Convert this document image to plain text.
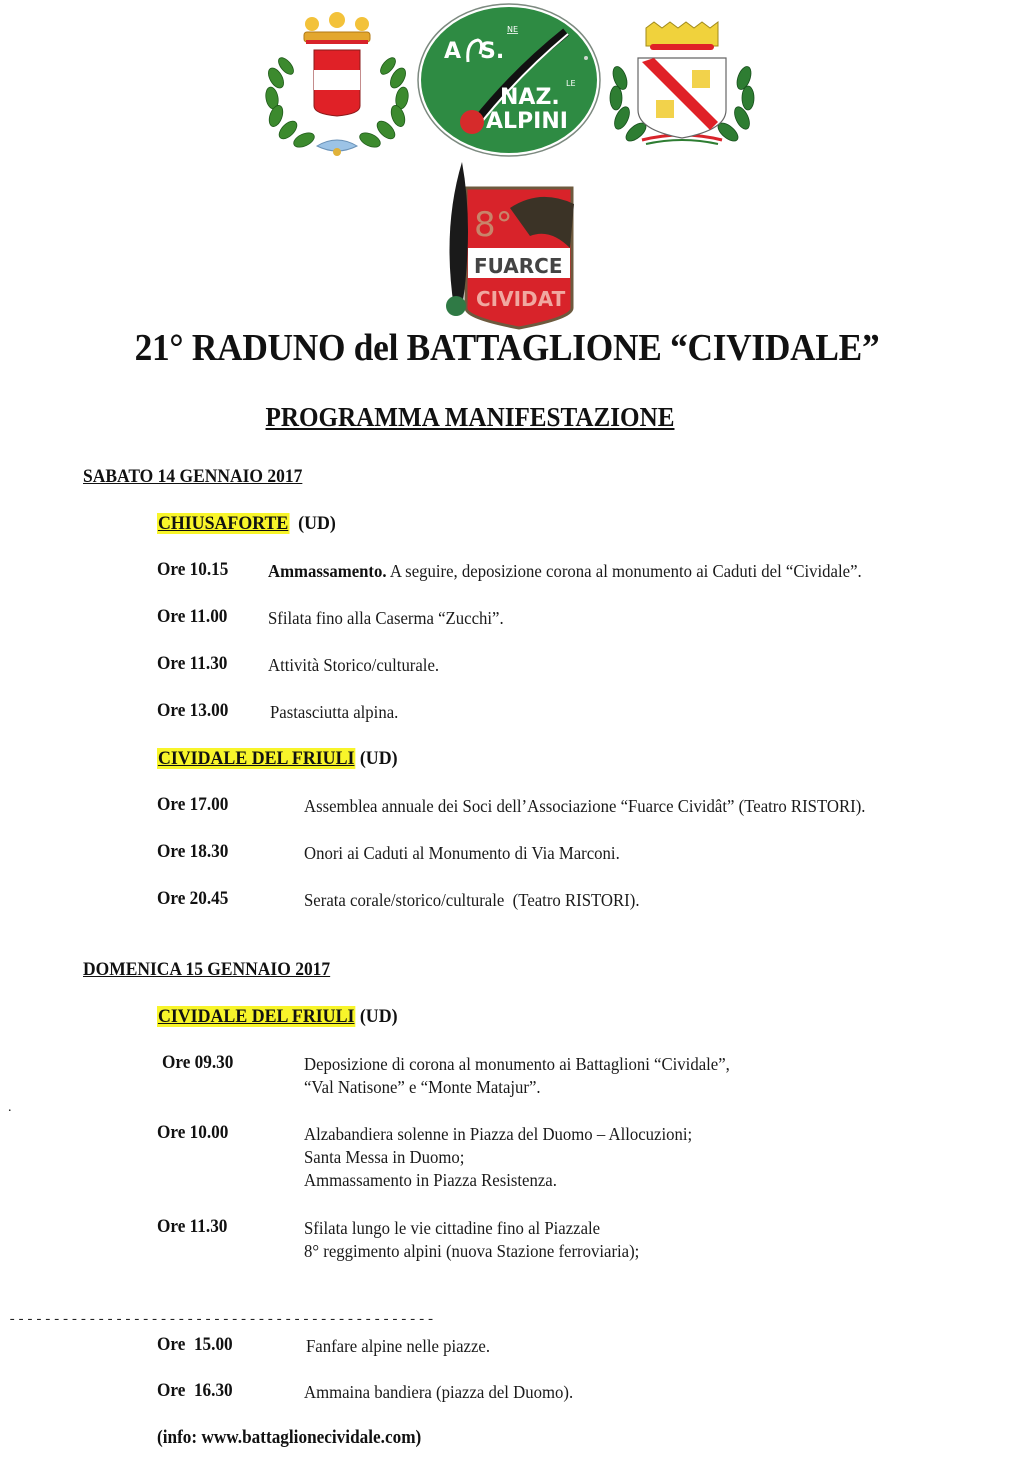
A S.
NE
NAZ.
LE
ALPINI
8°
FUARCE
CIVIDAT
21° RADUNO del BATTAGLIONE “CIVIDALE”
PROGRAMMA MANIFESTAZIONE
SABATO 14 GENNAIO 2017
CHIUSAFORTE (UD)
Ore 10.15 Ammassamento. A seguire, deposizione corona al monumento ai Caduti del “Cividale”.
Ore 11.00 Sfilata fino alla Caserma “Zucchi”.
Ore 11.30 Attività Storico/culturale.
Ore 13.00 Pastasciutta alpina.
CIVIDALE DEL FRIULI (UD)
Ore 17.00	Assemblea annuale dei Soci dell’Associazione “Fuarce Cividât” (Teatro RISTORI).
Ore 18.30	Onori ai Caduti al Monumento di Via Marconi.
Ore 20.45	Serata corale/storico/culturale  (Teatro RISTORI).
DOMENICA 15 GENNAIO 2017
CIVIDALE DEL FRIULI (UD)
Ore 09.30	Deposizione di corona al monumento ai Battaglioni “Cividale”,
“Val Natisone” e “Monte Matajur”.
.
Ore 10.00	Alzabandiera solenne in Piazza del Duomo – Allocuzioni;
Santa Messa in Duomo;
Ammassamento in Piazza Resistenza.
Ore 11.30	Sfilata lungo le vie cittadine fino al Piazzale
8° reggimento alpini (nuova Stazione ferroviaria);
------------------------------------------------
Ore  15.00	Fanfare alpine nelle piazze.
Ore  16.30	Ammaina bandiera (piazza del Duomo).
(info: www.battaglionecividale.com)
